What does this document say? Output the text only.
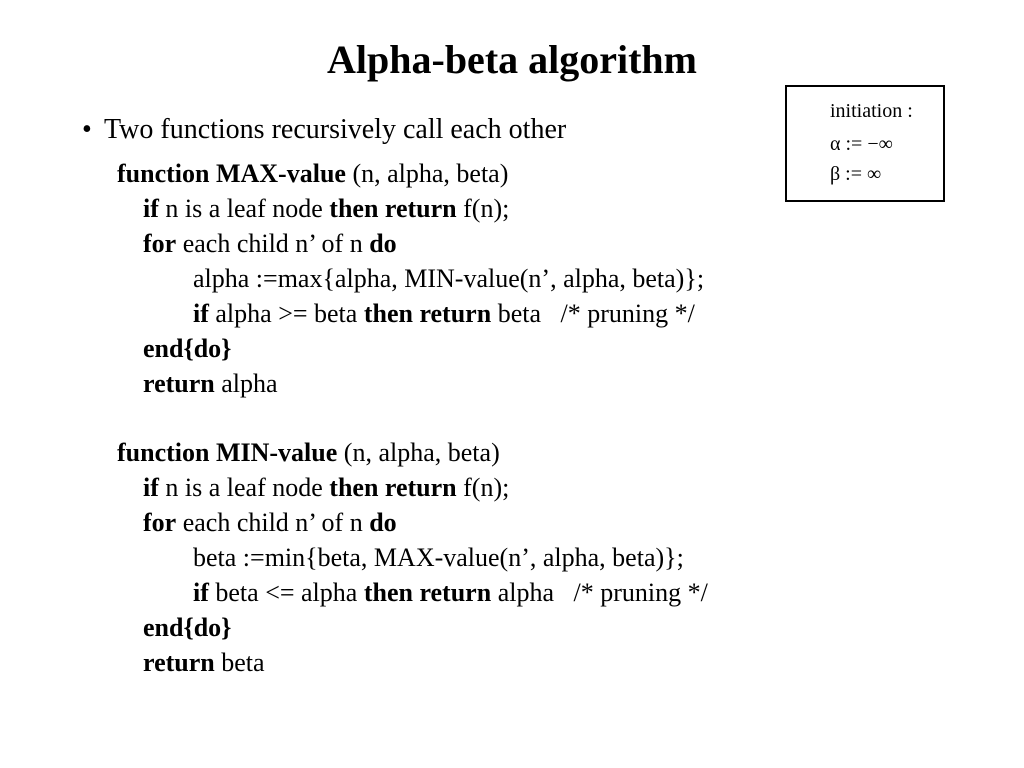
Alpha-beta algorithm
initiation :
α := −∞
β := ∞
• Two functions recursively call each other
function MAX-value (n, alpha, beta)
if n is a leaf node then return f(n);
for each child n’ of n do
alpha :=max{alpha, MIN-value(n’, alpha, beta)};
if alpha >= beta then return beta   /* pruning */
end{do}
return alpha
function MIN-value (n, alpha, beta)
if n is a leaf node then return f(n);
for each child n’ of n do
beta :=min{beta, MAX-value(n’, alpha, beta)};
if beta <= alpha then return alpha   /* pruning */
end{do}
return beta
